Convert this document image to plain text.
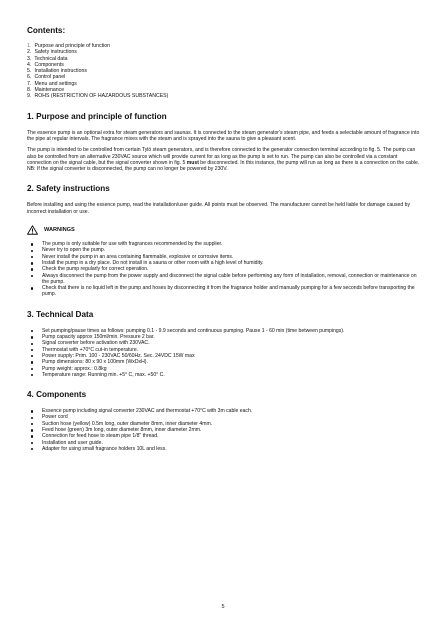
Contents:
1. Purpose and principle of function
2. Safety instructions
3. Technical data
4. Components
5. Installation instructions
6. Control panel
7. Menu and settings
8. Maintenance
9. ROHS (RESTRICTION OF HAZARDOUS SUBSTANCES)
1. Purpose and principle of function

The essence pump is an optional extra for steam generators and saunas. It is connected to the steam generator's steam pipe, and feeds a selectable amount of fragrance into the pipe at regular intervals. The fragrance mixes with the steam and is sprayed into the sauna to give a pleasant scent.

The pump is intended to be controlled from certain Tylö steam generators, and is therefore connected to the generator connection terminal according to fig. 5. The pump can also be controlled from an alternative 230VAC source which will provide current for as long as the pump is set to run. The pump can also be controlled via a constant connection on the signal cable, but the signal converter shown in fig. 5 must be disconnected. In this instance, the pump will run as long as there is a connection on the cable.
NB: If the signal converter is disconnected, the pump can no longer be powered by 230V.

2. Safety instructions

Before installing and using the essence pump, read the installation/user guide. All points must be observed. The manufacturer cannot be held liable for damage caused by incorrect installation or use.

WARNINGS
The pump is only suitable for use with fragrances recommended by the supplier.
Never try to open the pump.
Never install the pump in an area containing flammable, explosive or corrosive items.
Install the pump in a dry place. Do not install in a sauna or other room with a high level of humidity.
Check the pump regularly for correct operation.
Always disconnect the pump from the power supply and disconnect the signal cable before performing any form of installation, removal, connection or maintenance on the pump.
Check that there is no liquid left in the pump and hoses by disconnecting it from the fragrance holder and manually pumping for a few seconds before transporting the pump.
3. Technical Data
Set pumping/pause times as follows: pumping 0.1 - 9.9 seconds and continuous pumping. Pause 1 - 60 min (time between pumpings).
Pump capacity approx 150ml/min. Pressure 2 bar.
Signal converter before activation with 230VAC.
Thermostat with +70°C cut-in temperature.
Power supply: Prim. 100 - 230VAC 50/60Hz. Sec. 24VDC 15W max
Pump dimensions: 80 x 90 x 100mm (WxDxH).
Pump weight: approx.: 0.8kg
Temperature range: Running min. +5° C, max. +50° C.
4. Components
Essence pump including signal converter 230VAC and thermostat +70°C with 3m cable each.
Power cord
Suction hose (yellow) 0.5m long, outer diameter 8mm, inner diameter 4mm.
Feed hose (green) 3m long, outer diameter 8mm, inner diameter 2mm.
Connection for feed hose to steam pipe 1/8" thread.
Installation and user guide.
Adapter for using small fragrance holders 10L and less.
5
